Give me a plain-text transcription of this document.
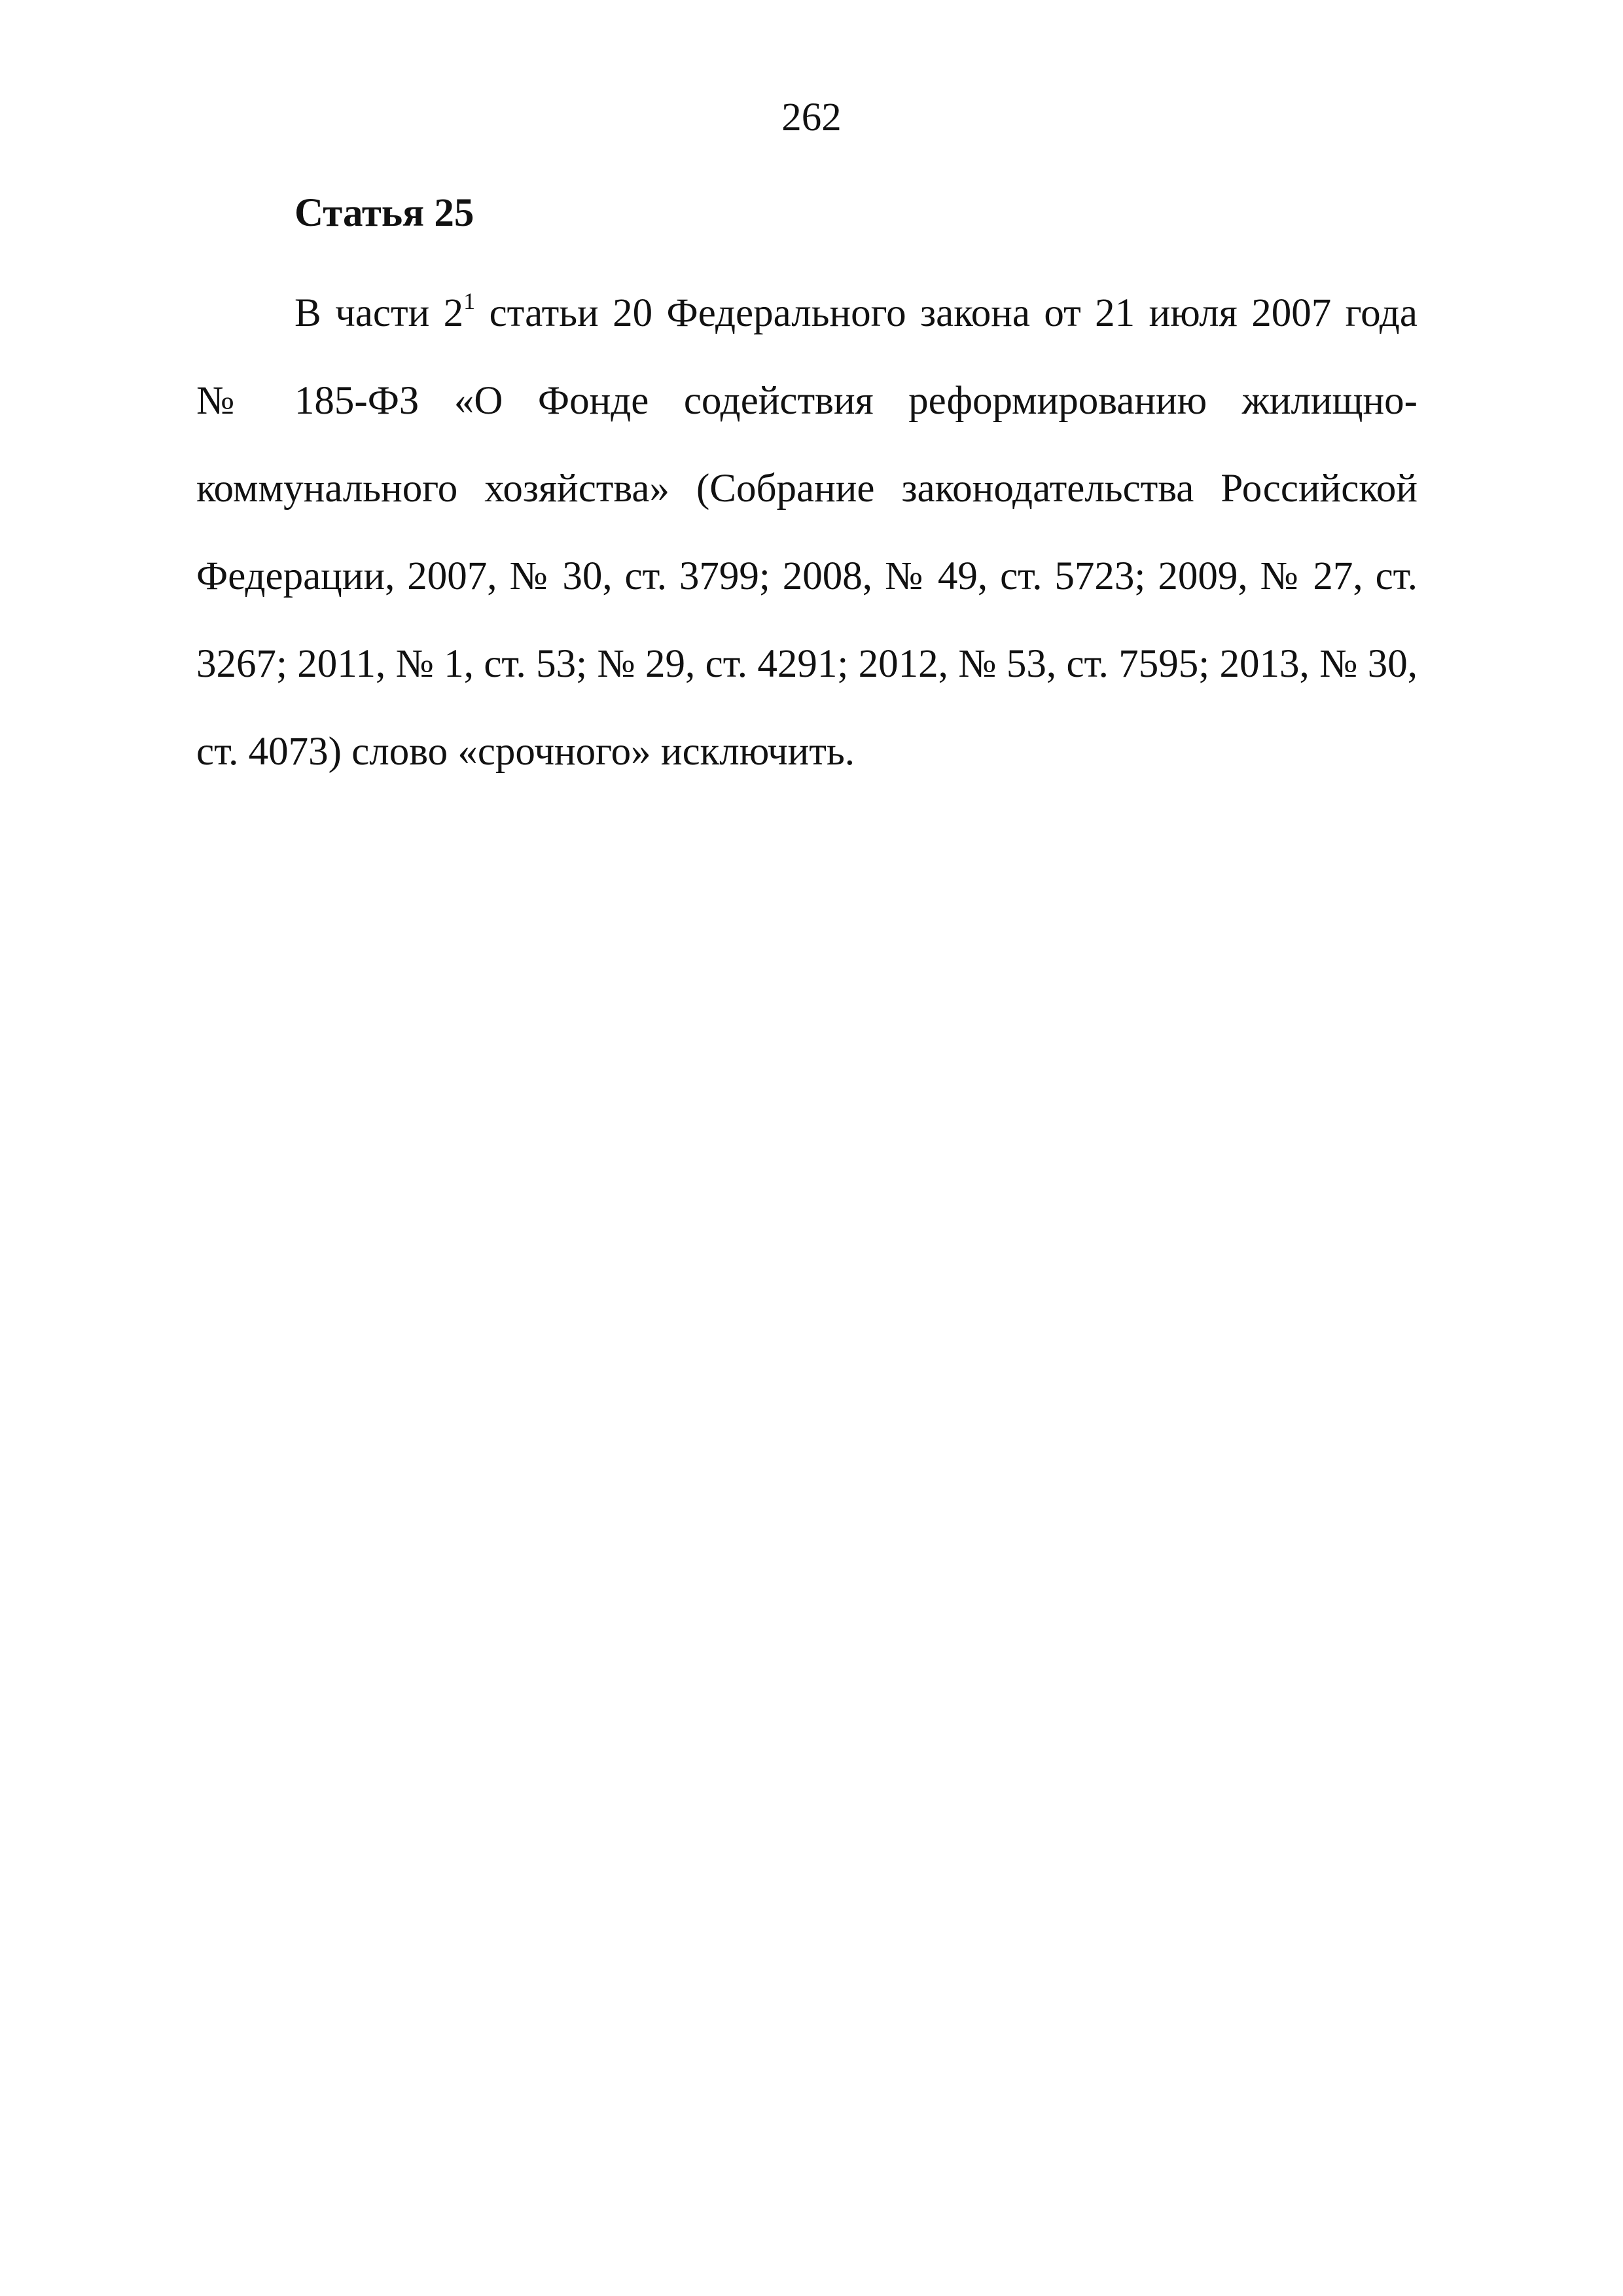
262
Статья 25

В части $2^1$ статьи 20 Федерального закона от 21 июля 2007 года № 185-ФЗ «О Фонде содействия реформированию жилищно-коммунального хозяйства» (Собрание законодательства Российской Федерации, 2007, № 30, ст. 3799; 2008, № 49, ст. 5723; 2009, № 27, ст. 3267; 2011, № 1, ст. 53; № 29, ст. 4291; 2012, № 53, ст. 7595; 2013, № 30, ст. 4073) слово «срочного» исключить.
